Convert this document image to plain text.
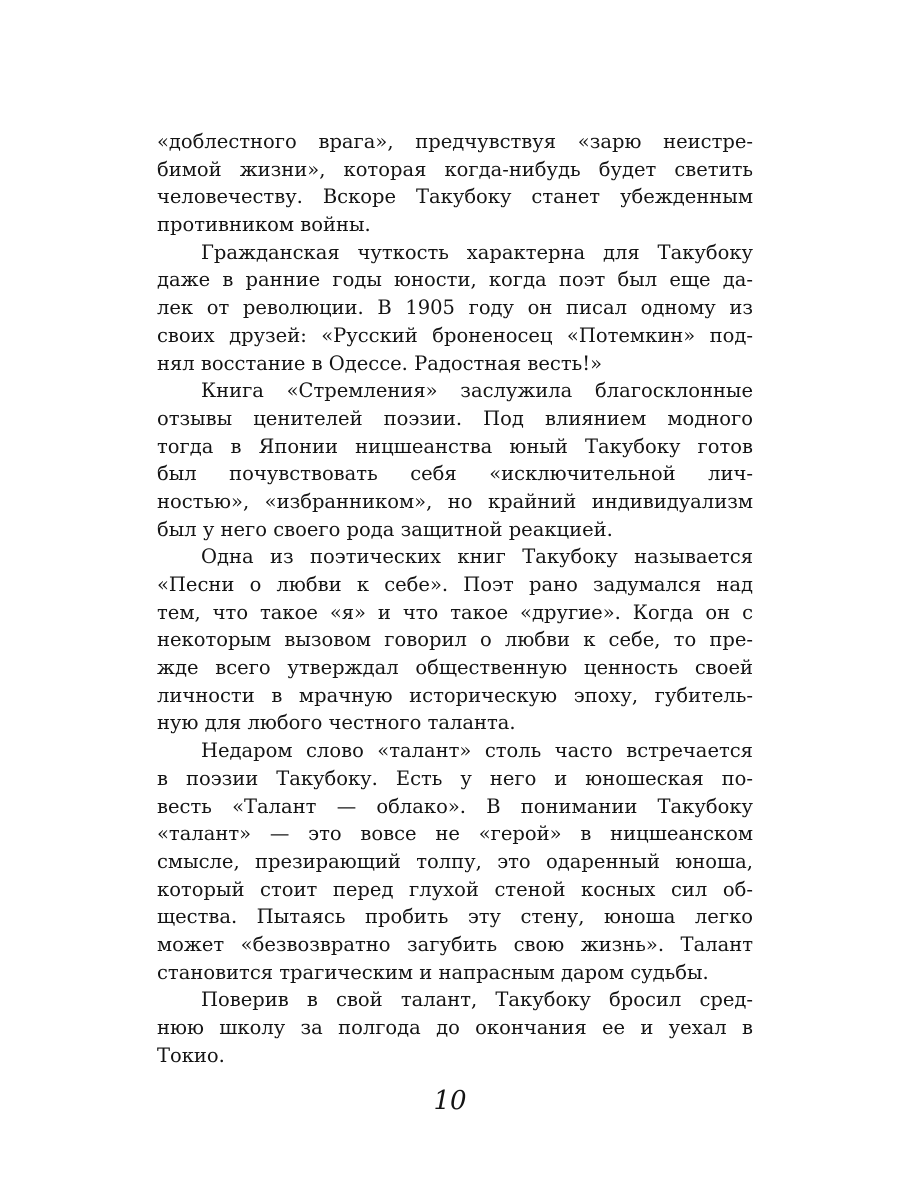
«доблестного врага», предчувствуя «зарю неистре-
бимой жизни», которая когда-нибудь будет светить
человечеству. Вскоре Такубоку станет убежденным
противником войны.
Гражданская чуткость характерна для Такубоку
даже в ранние годы юности, когда поэт был еще да-
лек от революции. В 1905 году он писал одному из
своих друзей: «Русский броненосец «Потемкин» под-
нял восстание в Одессе. Радостная весть!»
Книга «Стремления» заслужила благосклонные
отзывы ценителей поэзии. Под влиянием модного
тогда в Японии ницшеанства юный Такубоку готов
был почувствовать себя «исключительной лич-
ностью», «избранником», но крайний индивидуализм
был у него своего рода защитной реакцией.
Одна из поэтических книг Такубоку называется
«Песни о любви к себе». Поэт рано задумался над
тем, что такое «я» и что такое «другие». Когда он с
некоторым вызовом говорил о любви к себе, то пре-
жде всего утверждал общественную ценность своей
личности в мрачную историческую эпоху, губитель-
ную для любого честного таланта.
Недаром слово «талант» столь часто встречается
в поэзии Такубоку. Есть у него и юношеская по-
весть «Талант — облако». В понимании Такубоку
«талант» — это вовсе не «герой» в ницшеанском
смысле, презирающий толпу, это одаренный юноша,
который стоит перед глухой стеной косных сил об-
щества. Пытаясь пробить эту стену, юноша легко
может «безвозвратно загубить свою жизнь». Талант
становится трагическим и напрасным даром судьбы.
Поверив в свой талант, Такубоку бросил сред-
нюю школу за полгода до окончания ее и уехал в
Токио.
10
